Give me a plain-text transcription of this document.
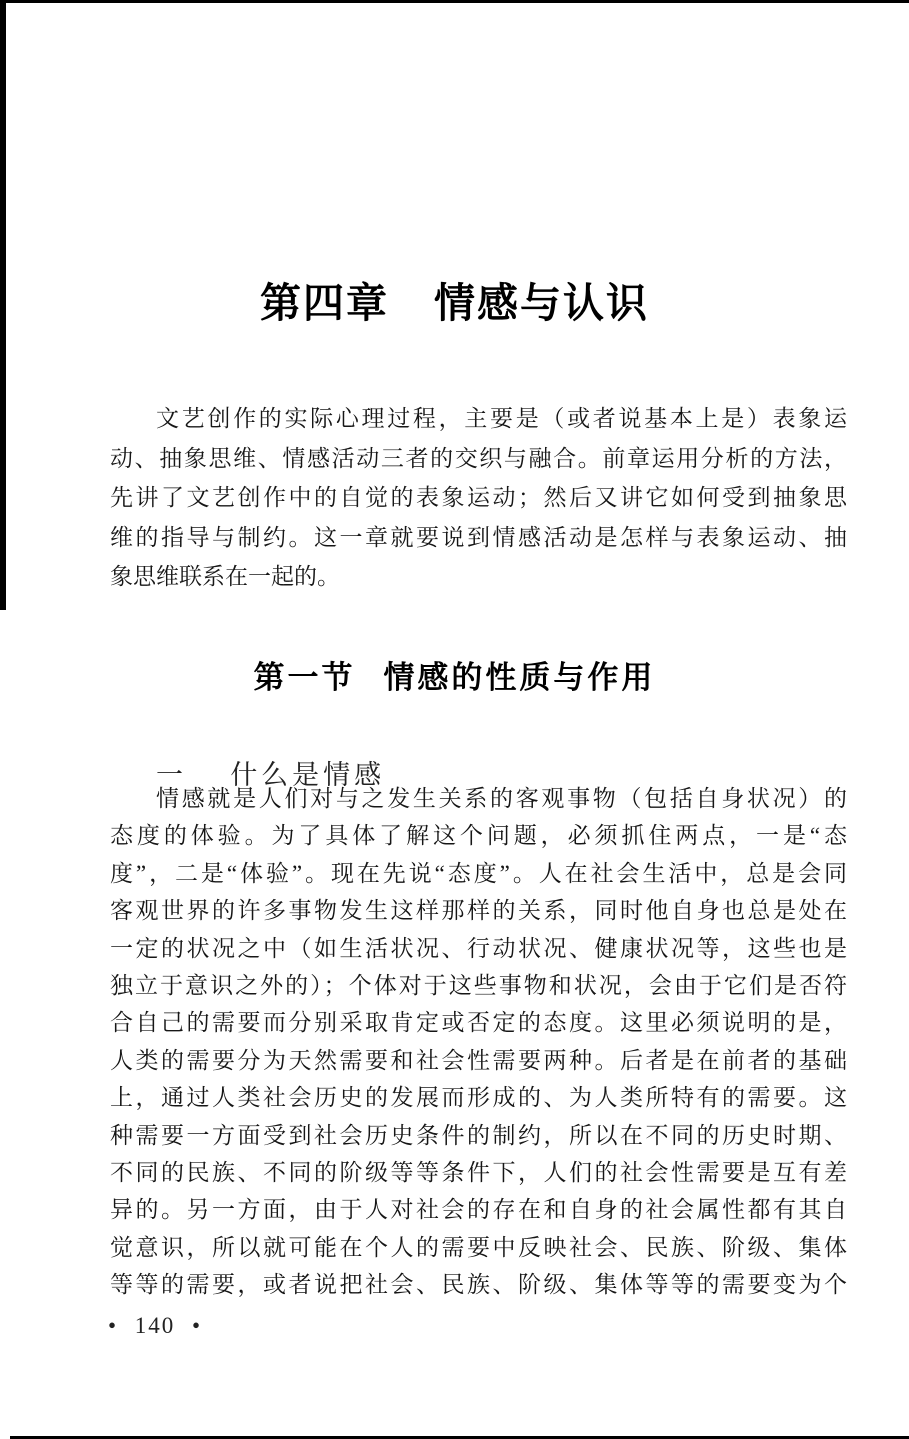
第四章 情感与认识
文艺创作的实际心理过程，主要是（或者说基本上是）表象运
动、抽象思维、情感活动三者的交织与融合。前章运用分析的方法，
先讲了文艺创作中的自觉的表象运动；然后又讲它如何受到抽象思
维的指导与制约。这一章就要说到情感活动是怎样与表象运动、抽
象思维联系在一起的。
第一节 情感的性质与作用
一 什么是情感
情感就是人们对与之发生关系的客观事物（包括自身状况）的
态度的体验。为了具体了解这个问题，必须抓住两点，一是“态
度”，二是“体验”。现在先说“态度”。人在社会生活中，总是会同
客观世界的许多事物发生这样那样的关系，同时他自身也总是处在
一定的状况之中（如生活状况、行动状况、健康状况等，这些也是
独立于意识之外的）；个体对于这些事物和状况，会由于它们是否符
合自己的需要而分别采取肯定或否定的态度。这里必须说明的是，
人类的需要分为天然需要和社会性需要两种。后者是在前者的基础
上，通过人类社会历史的发展而形成的、为人类所特有的需要。这
种需要一方面受到社会历史条件的制约，所以在不同的历史时期、
不同的民族、不同的阶级等等条件下，人们的社会性需要是互有差
异的。另一方面，由于人对社会的存在和自身的社会属性都有其自
觉意识，所以就可能在个人的需要中反映社会、民族、阶级、集体
等等的需要，或者说把社会、民族、阶级、集体等等的需要变为个
• 140 •
